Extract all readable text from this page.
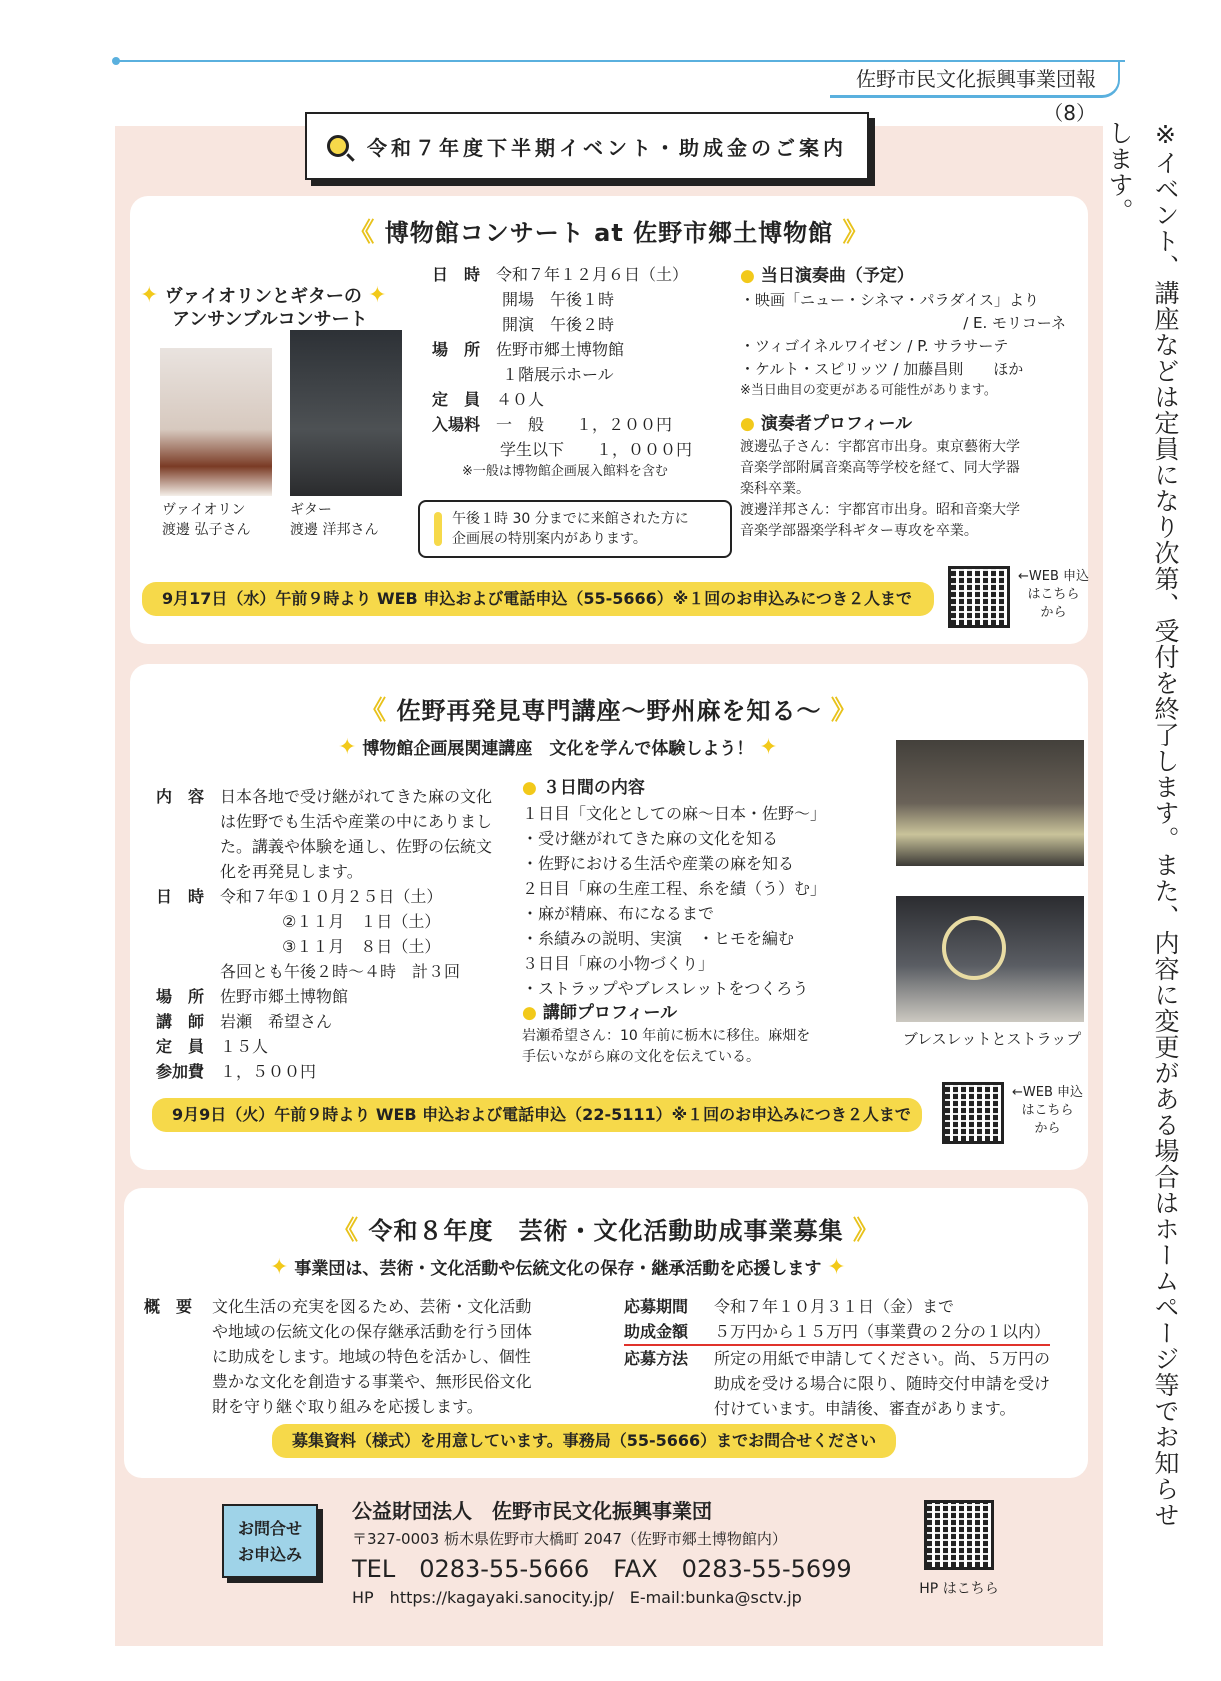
佐野市民文化振興事業団報（8）
※イベント、講座などは定員になり次第、受付を終了します。また、内容に変更がある場合はホームページ等でお知らせします。
令和７年度下半期イベント・助成金のご案内
《 博物館コンサート at 佐野市郷土博物館 》
✦ ヴァイオリンとギターの ✦
アンサンブルコンサート
ヴァイオリン
渡邊 弘子さん
ギター
渡邊 洋邦さん
日　時　 令和７年１２月６日（土）
開場　午後１時
開演　午後２時
場　所　 佐野市郷土博物館
１階展示ホール
定　員　 ４０人
入場料　 一　般　　１，２００円
学生以下　　１，０００円
※一般は博物館企画展入館料を含む
午後１時 30 分までに来館された方に
企画展の特別案内があります。
● 当日演奏曲（予定）
・映画「ニュー・シネマ・パラダイス」より
/ E. モリコーネ
・ツィゴイネルワイゼン / P. サラサーテ
・ケルト・スピリッツ / 加藤昌則　　ほか
※当日曲目の変更がある可能性があります。
● 演奏者プロフィール
渡邊弘子さん：宇都宮市出身。東京藝術大学
音楽学部附属音楽高等学校を経て、同大学器
楽科卒業。
渡邊洋邦さん：宇都宮市出身。昭和音楽大学
音楽学部器楽学科ギター専攻を卒業。
9月17日（水）午前９時より WEB 申込および電話申込（55-5666）※１回のお申込みにつき２人まで
←WEB 申込
はこちら
から
《 佐野再発見専門講座～野州麻を知る～ 》
✦ 博物館企画展関連講座　文化を学んで体験しよう！ ✦
内　容 日本各地で受け継がれてきた麻の文化
は佐野でも生活や産業の中にありまし
た。講義や体験を通し、佐野の伝統文
化を再発見します。
日　時 令和７年①１０月２５日（土）
②１１月　１日（土）
③１１月　８日（土）
各回とも午後２時～４時　計３回
場　所 佐野市郷土博物館
講　師 岩瀬　希望さん
定　員 １５人
参加費 １，５００円
● ３日間の内容
１日目「文化としての麻～日本・佐野～」
・受け継がれてきた麻の文化を知る
・佐野における生活や産業の麻を知る
２日目「麻の生産工程、糸を績（う）む」
・麻が精麻、布になるまで
・糸績みの説明、実演　・ヒモを編む
３日目「麻の小物づくり」
・ストラップやブレスレットをつくろう
● 講師プロフィール
岩瀬希望さん：10 年前に栃木に移住。麻畑を
手伝いながら麻の文化を伝えている。
ブレスレットとストラップ
9月9日（火）午前９時より WEB 申込および電話申込（22-5111）※１回のお申込みにつき２人まで
←WEB 申込
はこちら
から
《 令和８年度　芸術・文化活動助成事業募集 》
✦ 事業団は、芸術・文化活動や伝統文化の保存・継承活動を応援します ✦
概　要	文化生活の充実を図るため、芸術・文化活動
や地域の伝統文化の保存継承活動を行う団体
に助成をします。地域の特色を活かし、個性
豊かな文化を創造する事業や、無形民俗文化
財を守り継ぐ取り組みを応援します。
応募期間 令和７年１０月３１日（金）まで
助成金額 ５万円から１５万円（事業費の２分の１以内）
応募方法	所定の用紙で申請してください。尚、５万円の
助成を受ける場合に限り、随時交付申請を受け
付けています。申請後、審査があります。
募集資料（様式）を用意しています。事務局（55-5666）までお問合せください
お問合せ
お申込み
公益財団法人　佐野市民文化振興事業団
〒327-0003 栃木県佐野市大橋町 2047（佐野市郷土博物館内）
TEL　0283-55-5666　FAX　0283-55-5699
HP　https://kagayaki.sanocity.jp/　E-mail:bunka@sctv.jp	HP はこちら
